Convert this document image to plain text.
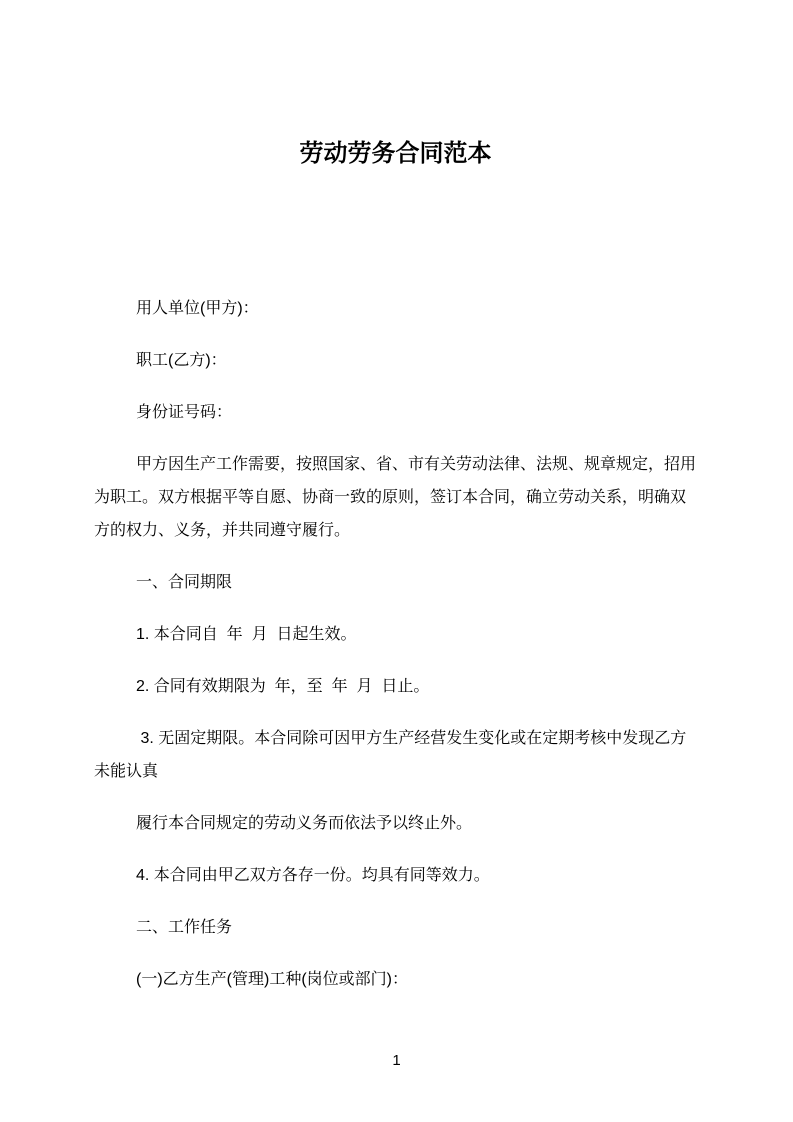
劳动劳务合同范本

用人单位(甲方)：

职工(乙方)：

身份证号码：

甲方因生产工作需要，按照国家、省、市有关劳动法律、法规、规章规定，招用为职工。双方根据平等自愿、协商一致的原则，签订本合同，确立劳动关系，明确双方的权力、义务，并共同遵守履行。

一、合同期限

1. 本合同自  年  月  日起生效。

2. 合同有效期限为  年，至  年  月  日止。

3. 无固定期限。本合同除可因甲方生产经营发生变化或在定期考核中发现乙方未能认真

履行本合同规定的劳动义务而依法予以终止外。

4. 本合同由甲乙双方各存一份。均具有同等效力。

二、工作任务

(一)乙方生产(管理)工种(岗位或部门)：

1
